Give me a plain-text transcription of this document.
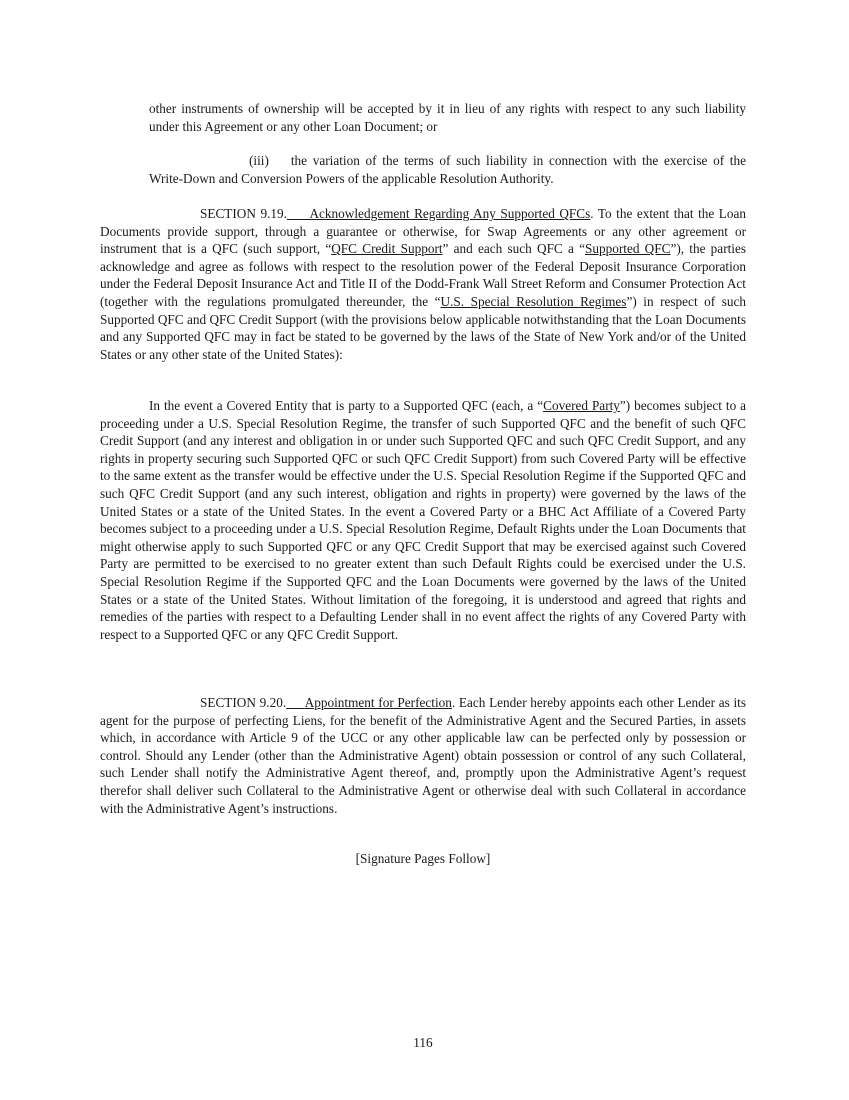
other instruments of ownership will be accepted by it in lieu of any rights with respect to any such liability under this Agreement or any other Loan Document; or

(iii) the variation of the terms of such liability in connection with the exercise of the Write-Down and Conversion Powers of the applicable Resolution Authority.

SECTION 9.19. Acknowledgement Regarding Any Supported QFCs. To the extent that the Loan Documents provide support, through a guarantee or otherwise, for Swap Agreements or any other agreement or instrument that is a QFC (such support, “QFC Credit Support” and each such QFC a “Supported QFC”), the parties acknowledge and agree as follows with respect to the resolution power of the Federal Deposit Insurance Corporation under the Federal Deposit Insurance Act and Title II of the Dodd-Frank Wall Street Reform and Consumer Protection Act (together with the regulations promulgated thereunder, the “U.S. Special Resolution Regimes”) in respect of such Supported QFC and QFC Credit Support (with the provisions below applicable notwithstanding that the Loan Documents and any Supported QFC may in fact be stated to be governed by the laws of the State of New York and/or of the United States or any other state of the United States):

In the event a Covered Entity that is party to a Supported QFC (each, a “Covered Party”) becomes subject to a proceeding under a U.S. Special Resolution Regime, the transfer of such Supported QFC and the benefit of such QFC Credit Support (and any interest and obligation in or under such Supported QFC and such QFC Credit Support, and any rights in property securing such Supported QFC or such QFC Credit Support) from such Covered Party will be effective to the same extent as the transfer would be effective under the U.S. Special Resolution Regime if the Supported QFC and such QFC Credit Support (and any such interest, obligation and rights in property) were governed by the laws of the United States or a state of the United States. In the event a Covered Party or a BHC Act Affiliate of a Covered Party becomes subject to a proceeding under a U.S. Special Resolution Regime, Default Rights under the Loan Documents that might otherwise apply to such Supported QFC or any QFC Credit Support that may be exercised against such Covered Party are permitted to be exercised to no greater extent than such Default Rights could be exercised under the U.S. Special Resolution Regime if the Supported QFC and the Loan Documents were governed by the laws of the United States or a state of the United States. Without limitation of the foregoing, it is understood and agreed that rights and remedies of the parties with respect to a Defaulting Lender shall in no event affect the rights of any Covered Party with respect to a Supported QFC or any QFC Credit Support.

SECTION 9.20. Appointment for Perfection. Each Lender hereby appoints each other Lender as its agent for the purpose of perfecting Liens, for the benefit of the Administrative Agent and the Secured Parties, in assets which, in accordance with Article 9 of the UCC or any other applicable law can be perfected only by possession or control. Should any Lender (other than the Administrative Agent) obtain possession or control of any such Collateral, such Lender shall notify the Administrative Agent thereof, and, promptly upon the Administrative Agent’s request therefor shall deliver such Collateral to the Administrative Agent or otherwise deal with such Collateral in accordance with the Administrative Agent’s instructions.

[Signature Pages Follow]

116
